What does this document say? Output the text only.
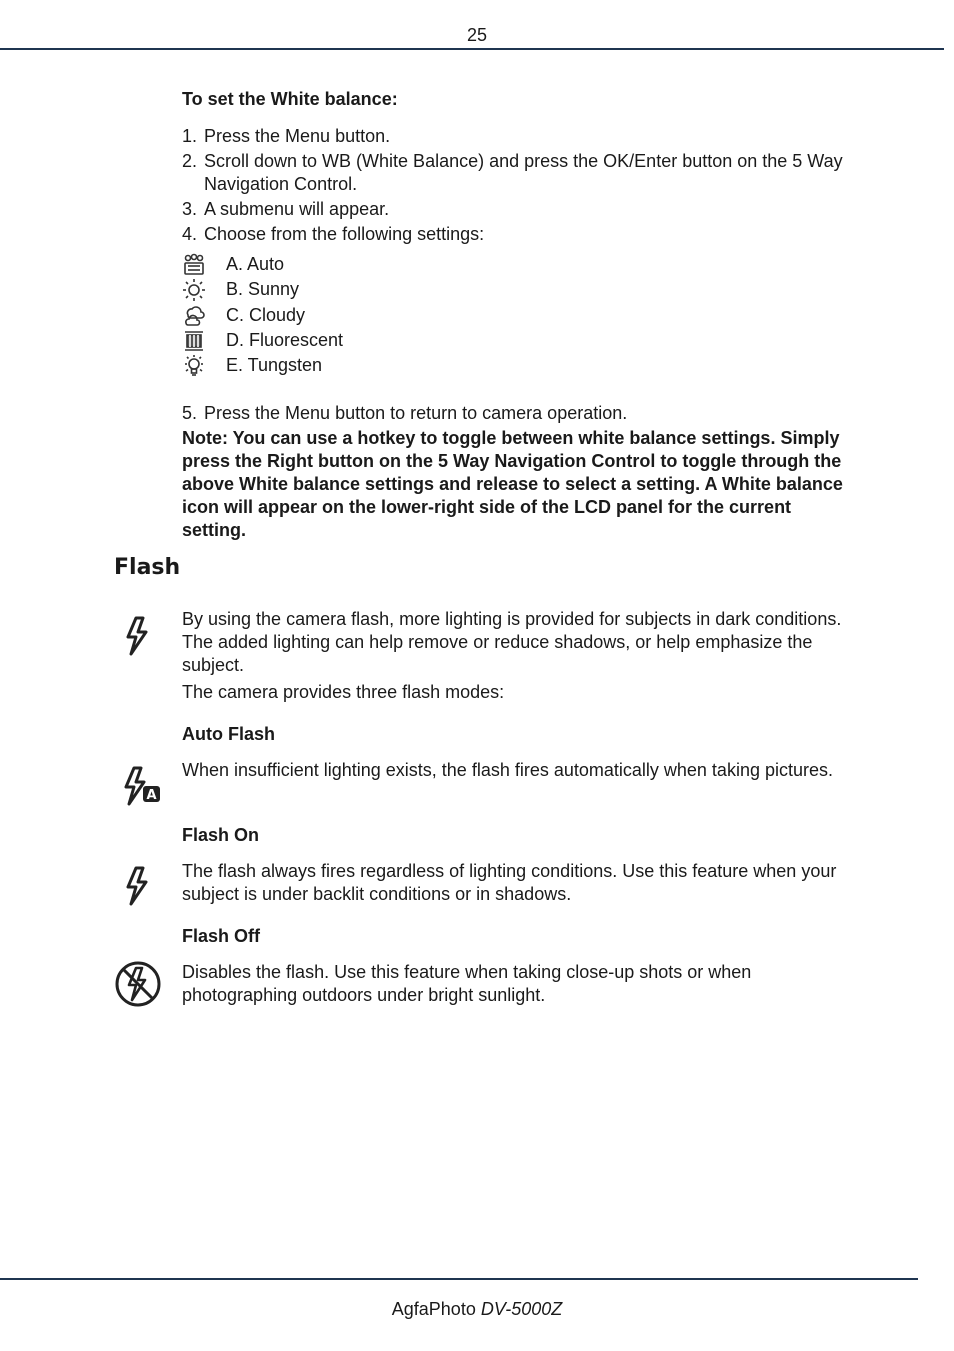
25
To set the White balance:
1. Press the Menu button.
2. Scroll down to WB (White Balance) and press the OK/Enter button on the 5 Way Navigation Control.
3. A submenu will appear.
4. Choose from the following settings:
A. Auto
B. Sunny
C. Cloudy
D. Fluorescent
E. Tungsten
5. Press the Menu button to return to camera operation.
Note: You can use a hotkey to toggle between white balance settings. Simply press the Right button on the 5 Way Navigation Control to toggle through the above White balance settings and release to select a setting. A White balance icon will appear on the lower-right side of the LCD panel for the current setting.
Flash

By using the camera flash, more lighting is provided for subjects in dark conditions. The added lighting can help remove or reduce shadows, or help emphasize the subject.

The camera provides three flash modes:

Auto Flash
A
When insufficient lighting exists, the flash fires automatically when taking pictures.
Flash On
The flash always fires regardless of lighting conditions. Use this feature when your subject is under backlit conditions or in shadows.
Flash Off
Disables the flash. Use this feature when taking close-up shots or when photographing outdoors under bright sunlight.
AgfaPhoto DV-5000Z
